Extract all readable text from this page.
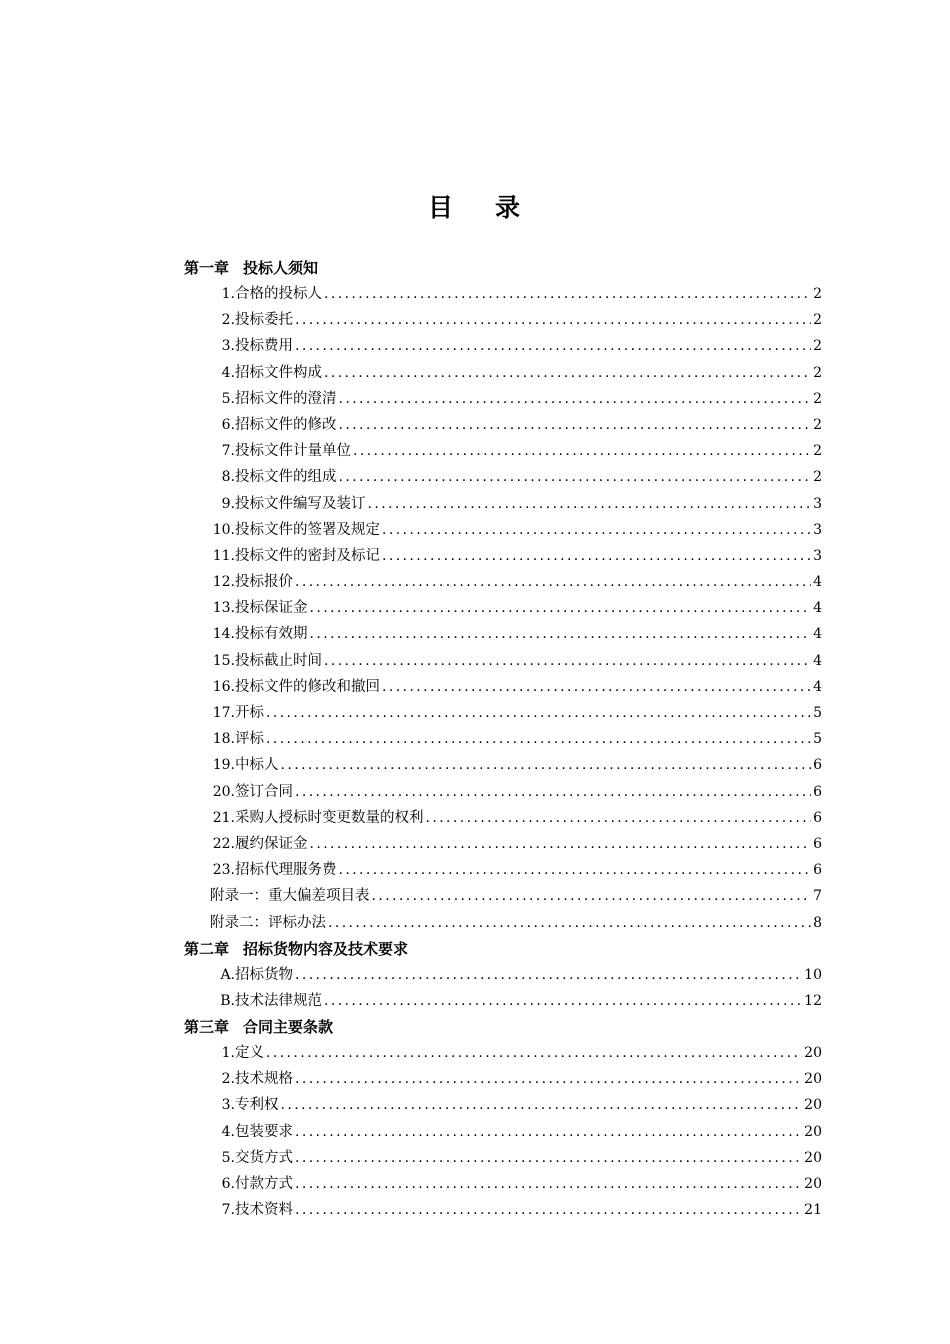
目 录
第一章 投标人须知
1. 合格的投标人 .....	2
2. 投标委托 .....	2
3. 投标费用 .....	2
4. 招标文件构成 .....	2
5. 招标文件的澄清 .....	2
6. 招标文件的修改 .....	2
7. 投标文件计量单位 .....	2
8. 投标文件的组成 .....	2
9. 投标文件编写及装订 .....	3
10. 投标文件的签署及规定 .....	3
11. 投标文件的密封及标记 .....	3
12. 投标报价 .....	4
13. 投标保证金 .....	4
14. 投标有效期 .....	4
15. 投标截止时间 .....	4
16. 投标文件的修改和撤回 .....	4
17. 开标 .....	5
18. 评标 .....	5
19. 中标人 .....	6
20. 签订合同 .....	6
21. 采购人授标时变更数量的权利 .....	6
22. 履约保证金 .....	6
23. 招标代理服务费 .....	6
附录一：重大偏差项目表 .....	7
附录二：评标办法 .....	8
第二章 招标货物内容及技术要求
A. 招标货物 .....	10
B. 技术法律规范 .....	12
第三章 合同主要条款
1. 定义 .....	20
2. 技术规格 .....	20
3. 专利权 .....	20
4. 包装要求 .....	20
5. 交货方式 .....	20
6. 付款方式 .....	20
7. 技术资料 .....	21
